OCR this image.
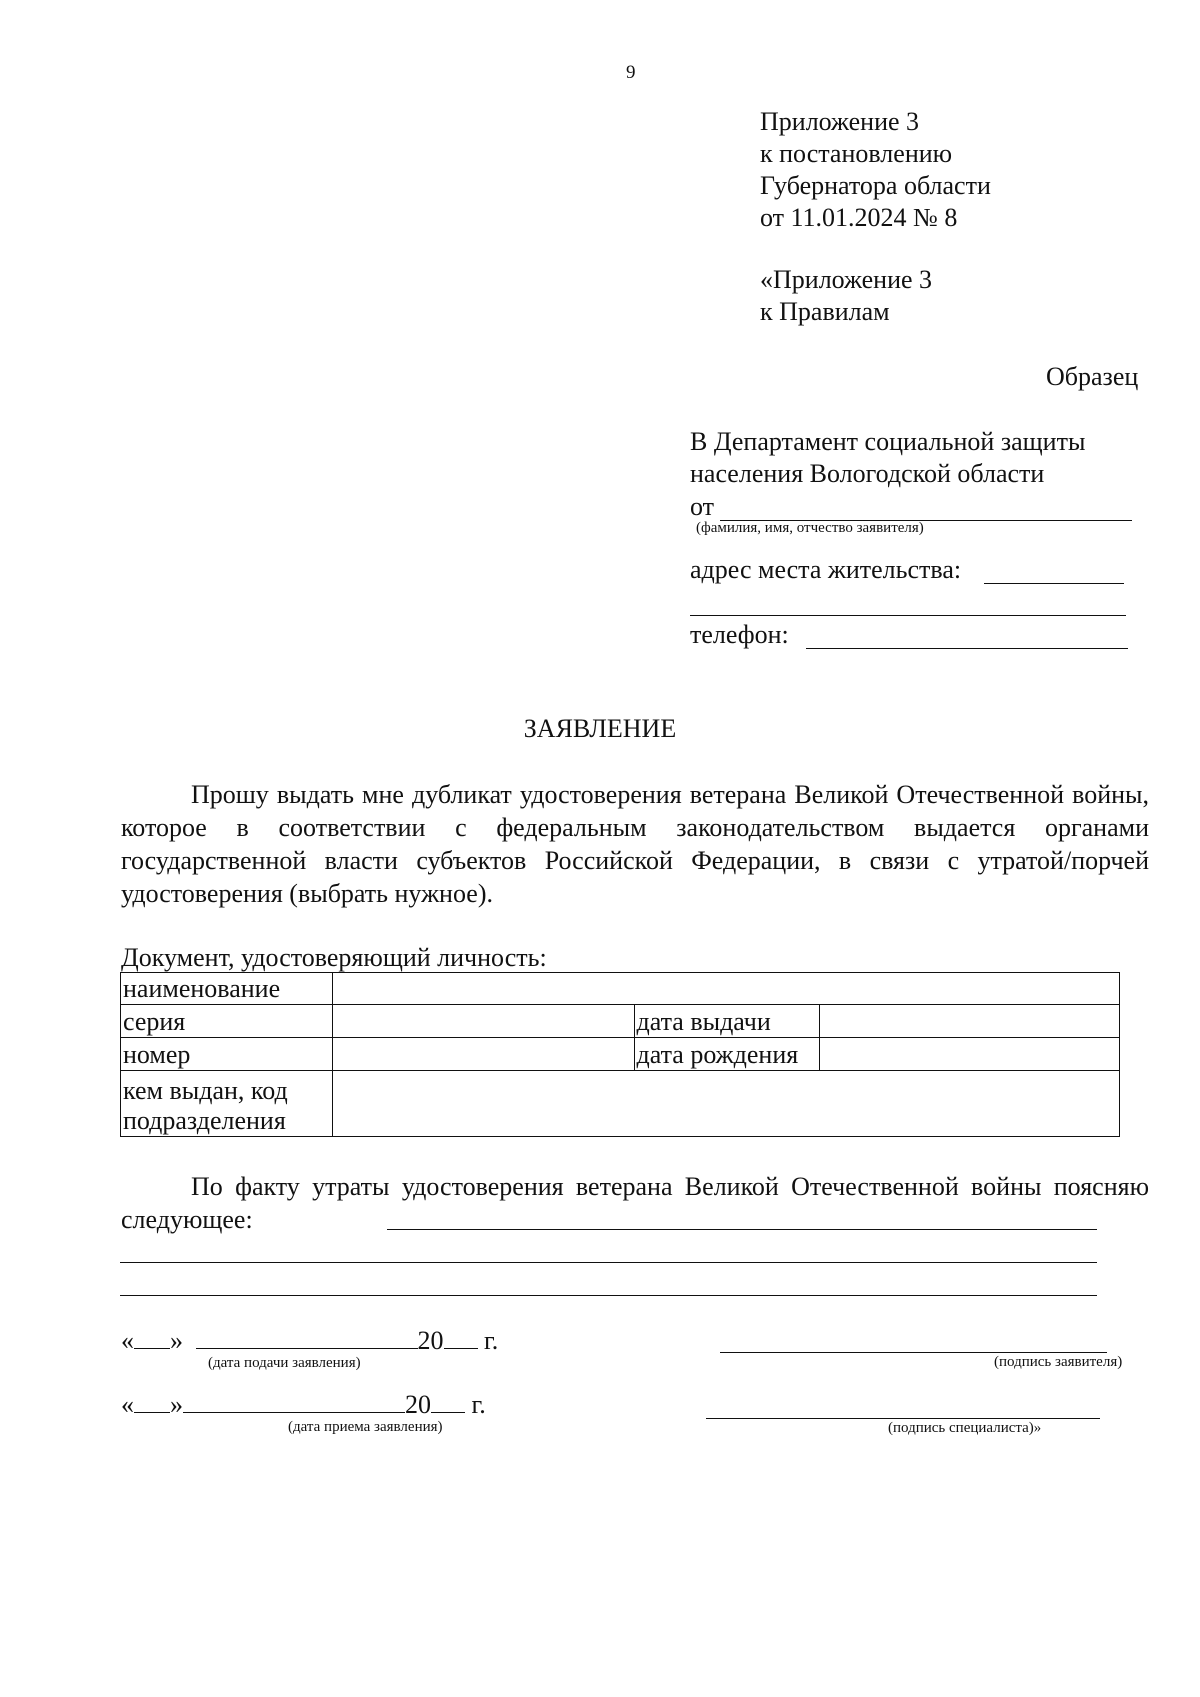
9
Приложение 3
к постановлению
Губернатора области
от 11.01.2024 № 8
«Приложение 3
к Правилам
Образец
В Департамент социальной защиты
населения Вологодской области
от
(фамилия, имя, отчество заявителя)
адрес места жительства:
телефон:
ЗАЯВЛЕНИЕ
Прошу выдать мне дубликат удостоверения ветерана Великой Отечественной войны, которое в соответствии с федеральным законодательством выдается органами государственной власти субъектов Российской Федерации, в связи с утратой/порчей удостоверения (выбрать нужное).
Документ, удостоверяющий личность:
наименование			
серия		дата выдачи	
номер		дата рождения	

кем выдан, код
подразделения			

По факту утраты удостоверения ветерана Великой Отечественной войны поясняю следующее:
« »	20 г.
(дата подачи заявления)	(подпись заявителя)
« »	20 г.
(дата приема заявления)	(подпись специалиста)»
